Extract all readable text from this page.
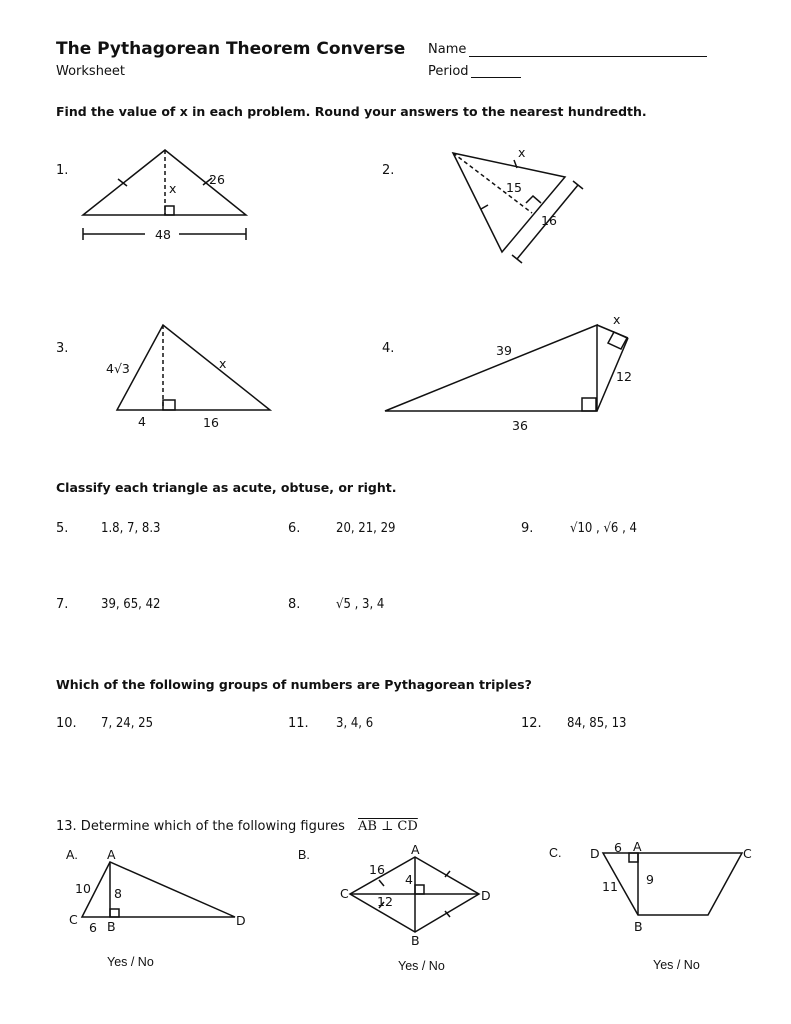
The Pythagorean Theorem Converse
Worksheet
Name
Period
Find the value of x in each problem. Round your answers to the nearest hundredth.
1.	2.
3.	4.
26
x
48
x
15
16
4√3	x
4	16
39
x
12
36
Classify each triangle as acute, obtuse, or right.
5.	1.8, 7, 8.3	6.	20, 21, 29	9.	√10 , √6 , 4
7.	39, 65, 42	8.	√5 , 3, 4
Which of the following groups of numbers are Pythagorean triples?
10. 7, 24, 25	11. 3, 4, 6	12. 84, 85, 13
13. Determine which of the following figures AB ⊥ CD
A. A
B
C	D
10 8
6
Yes / No
B.	A
B
C	D
16
4
12
Yes / No
C. D	A	C
B
6
11 9
Yes / No
